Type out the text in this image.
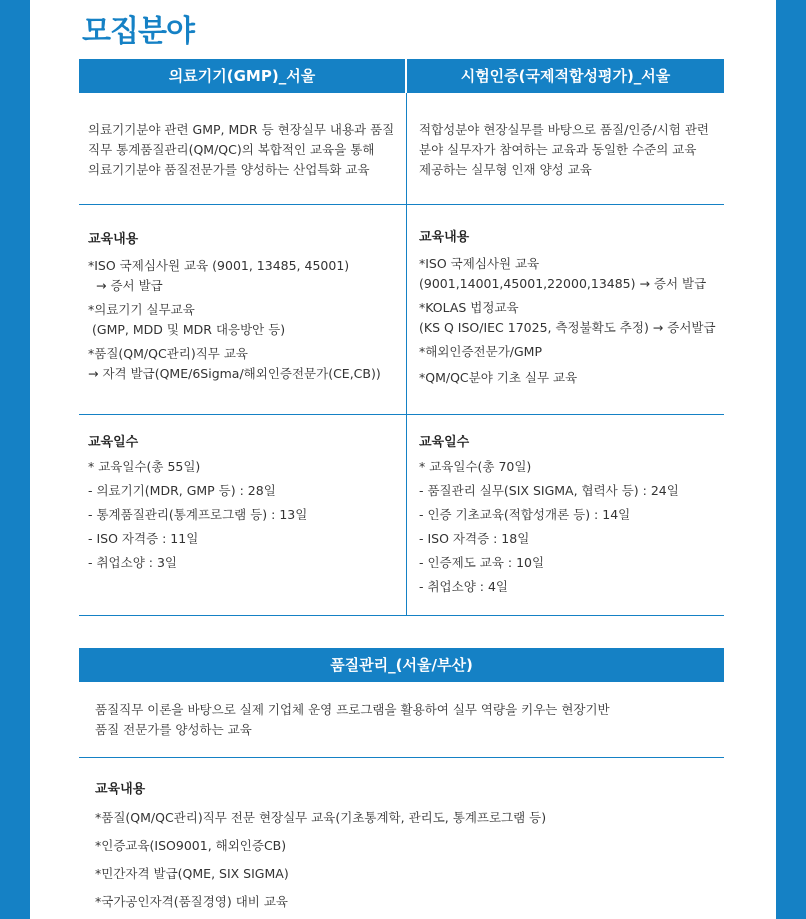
모집분야
의료기기(GMP)_서울	시험인증(국제적합성평가)_서울

의료기기분야 관련 GMP, MDR 등 현장실무 내용과 품질

직무 통계품질관리(QM/QC)의 복합적인 교육을 통해

의료기기분야 품질전문가를 양성하는 산업특화 교육

적합성분야 현장실무를 바탕으로 품질/인증/시험 관련

분야 실무자가 참여하는 교육과 동일한 수준의 교육

제공하는 실무형 인재 양성 교육

교육내용

*ISO 국제심사원 교육 (9001, 13485, 45001)

→ 증서 발급

*의료기기 실무교육

(GMP, MDD 및 MDR 대응방안 등)

*품질(QM/QC관리)직무 교육

→ 자격 발급(QME/6Sigma/해외인증전문가(CE,CB))

교육내용

*ISO 국제심사원 교육

(9001,14001,45001,22000,13485) → 증서 발급

*KOLAS 법정교육

(KS Q ISO/IEC 17025, 측정불확도 추정) → 증서발급

*해외인증전문가/GMP

*QM/QC분야 기초 실무 교육

교육일수

* 교육일수(총 55일)

- 의료기기(MDR, GMP 등) : 28일

- 통계품질관리(통계프로그램 등) : 13일

- ISO 자격증 : 11일

- 취업소양 : 3일

교육일수

* 교육일수(총 70일)

- 품질관리 실무(SIX SIGMA, 협력사 등) : 24일

- 인증 기초교육(적합성개론 등) : 14일

- ISO 자격증 : 18일

- 인증제도 교육 : 10일

- 취업소양 : 4일

품질관리_(서울/부산)

품질직무 이론을 바탕으로 실제 기업체 운영 프로그램을 활용하여 실무 역량을 키우는 현장기반

품질 전문가를 양성하는 교육

교육내용

*품질(QM/QC관리)직무 전문 현장실무 교육(기초통계학, 관리도, 통계프로그램 등)

*인증교육(ISO9001, 해외인증CB)

*민간자격 발급(QME, SIX SIGMA)

*국가공인자격(품질경영) 대비 교육
